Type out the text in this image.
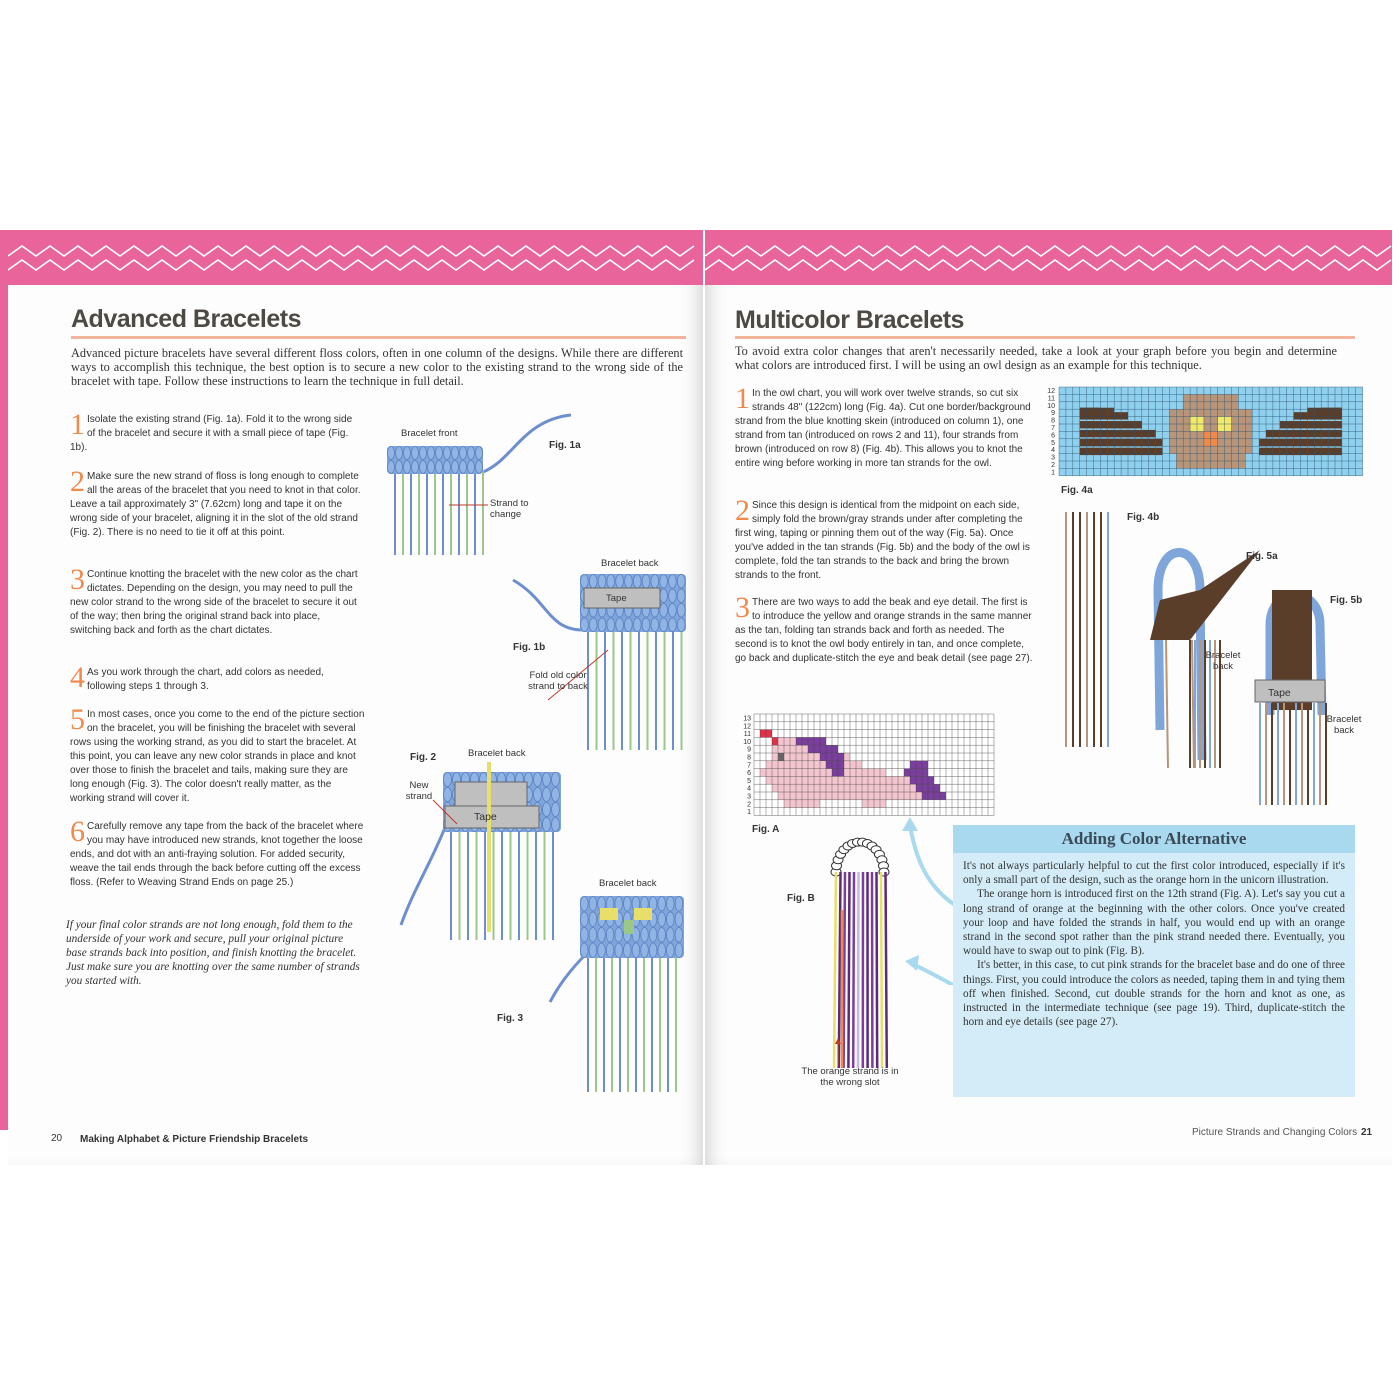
Advanced Bracelets
Advanced picture bracelets have several different floss colors, often in one column of the designs. While there are different ways to accomplish this technique, the best option is to secure a new color to the existing strand to the wrong side of the bracelet with tape. Follow these instructions to learn the technique in full detail.
1 Isolate the existing strand (Fig. 1a). Fold it to the wrong side of the bracelet and secure it with a small piece of tape (Fig. 1b).
2 Make sure the new strand of floss is long enough to complete all the areas of the bracelet that you need to knot in that color. Leave a tail approximately 3" (7.62cm) long and tape it on the wrong side of your bracelet, aligning it in the slot of the old strand (Fig. 2). There is no need to tie it off at this point.
3 Continue knotting the bracelet with the new color as the chart dictates. Depending on the design, you may need to pull the new color strand to the wrong side of the bracelet to secure it out of the way; then bring the original strand back into place, switching back and forth as the chart dictates.
4 As you work through the chart, add colors as needed, following steps 1 through 3.
5 In most cases, once you come to the end of the picture section on the bracelet, you will be finishing the bracelet with several rows using the working strand, as you did to start the bracelet. At this point, you can leave any new color strands in place and knot over those to finish the bracelet and tails, making sure they are long enough (Fig. 3). The color doesn't really matter, as the working strand will cover it.
6 Carefully remove any tape from the back of the bracelet where you may have introduced new strands, knot together the loose ends, and dot with an anti-fraying solution. For added security, weave the tail ends through the back before cutting off the excess floss. (Refer to Weaving Strand Ends on page 25.)
If your final color strands are not long enough, fold them to the underside of your work and secure, pull your original picture base strands back into position, and finish knotting the bracelet. Just make sure you are knotting over the same number of strands you started with.
Bracelet front
Fig. 1a
Strand to change
Bracelet back
Tape
Fig. 1b
Fold old color strand to back
Bracelet back
Fig. 2
New strand
Tape
Bracelet back
Fig. 3
20 Making Alphabet & Picture Friendship Bracelets
Multicolor Bracelets
To avoid extra color changes that aren't necessarily needed, take a look at your graph before you begin and determine what colors are introduced first. I will be using an owl design as an example for this technique.
1 In the owl chart, you will work over twelve strands, so cut six strands 48" (122cm) long (Fig. 4a). Cut one border/background strand from the blue knotting skein (introduced on column 1), one strand from tan (introduced on rows 2 and 11), four strands from brown (introduced on row 8) (Fig. 4b). This allows you to knot the entire wing before working in more tan strands for the owl.
2 Since this design is identical from the midpoint on each side, simply fold the brown/gray strands under after completing the first wing, taping or pinning them out of the way (Fig. 5a). Once you've added in the tan strands (Fig. 5b) and the body of the owl is complete, fold the tan strands to the back and bring the brown strands to the front.
3 There are two ways to add the beak and eye detail. The first is to introduce the yellow and orange strands in the same manner as the tan, folding tan strands back and forth as needed. The second is to knot the owl body entirely in tan, and once complete, go back and duplicate-stitch the eye and beak detail (see page 27).
12
11
10
9
8
7
6
5
4
3
2
1
Fig. 4a
Fig. 4b
Fig. 5a
Bracelet back
Fig. 5b
Tape
Bracelet back
13
12
11
10
9
8
7
6
5
4
3
2
1
Fig. A
Fig. B
The orange strand is in the wrong slot
Adding Color Alternative

It's not always particularly helpful to cut the first color introduced, especially if it's only a small part of the design, such as the orange horn in the unicorn illustration.

The orange horn is introduced first on the 12th strand (Fig. A). Let's say you cut a long strand of orange at the beginning with the other colors. Once you've created your loop and have folded the strands in half, you would end up with an orange strand in the second spot rather than the pink strand needed there. Eventually, you would have to swap out to pink (Fig. B).

It's better, in this case, to cut pink strands for the bracelet base and do one of three things. First, you could introduce the colors as needed, taping them in and tying them off when finished. Second, cut double strands for the horn and knot as one, as instructed in the intermediate technique (see page 19). Third, duplicate-stitch the horn and eye details (see page 27).

Picture Strands and Changing Colors 21
